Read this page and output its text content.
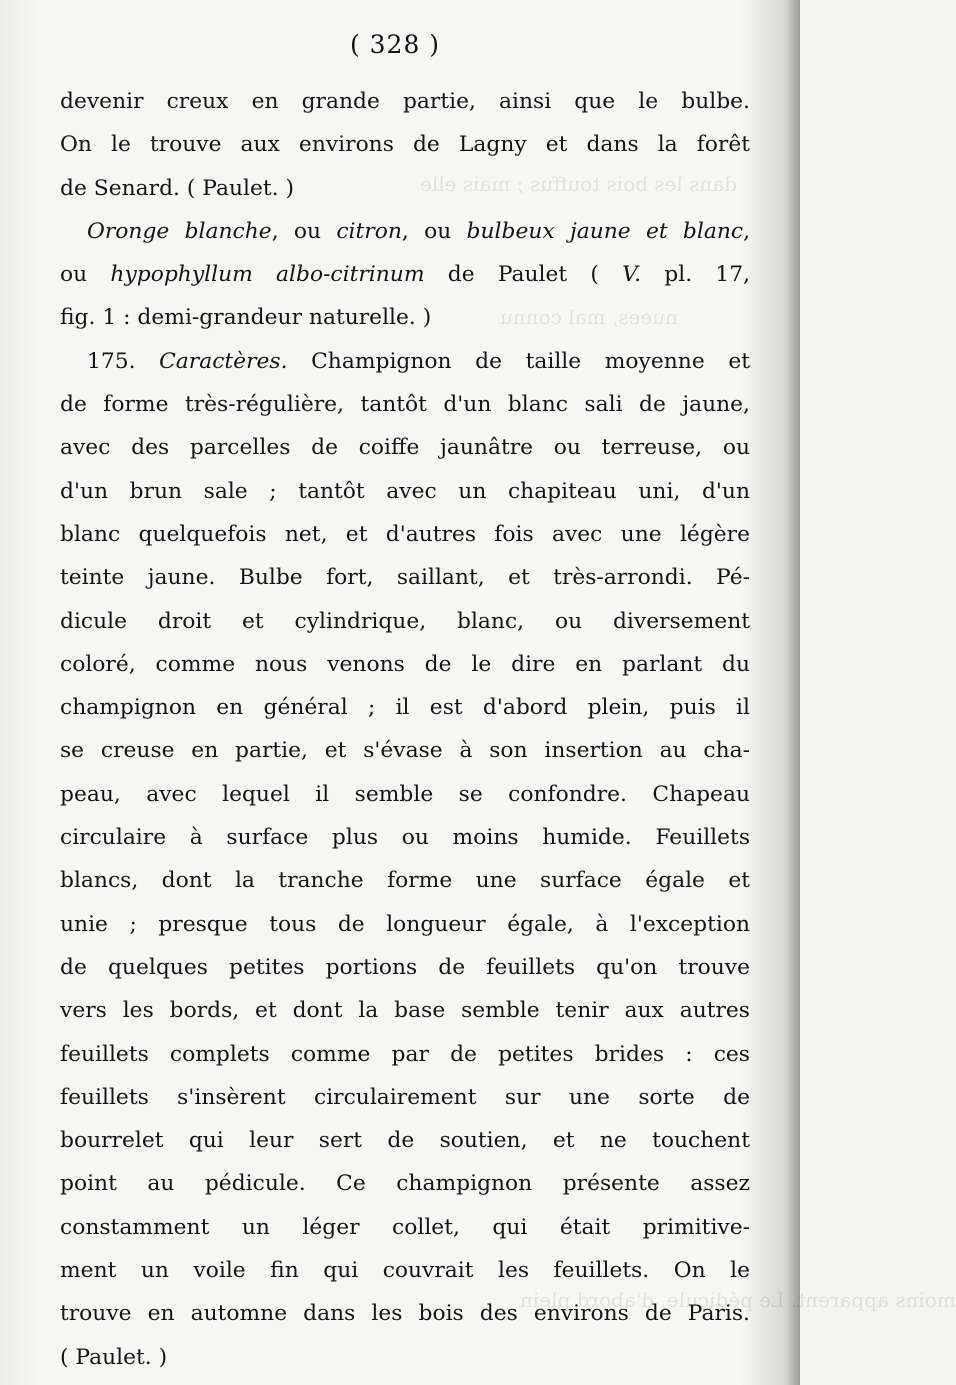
dans les bois touffus ; mais elle
nuees, mal connu
moins apparent. Le pédicule, d'abord plein
( 328 )
devenir creux en grande partie, ainsi que le bulbe.
On le trouve aux environs de Lagny et dans la forêt
de Senard. ( Paulet. )
Oronge blanche, ou citron, ou bulbeux jaune et blanc,
ou hypophyllum albo-citrinum de Paulet ( V. pl. 17,
fig. 1 : demi-grandeur naturelle. )
175. Caractères. Champignon de taille moyenne et
de forme très-régulière, tantôt d'un blanc sali de jaune,
avec des parcelles de coiffe jaunâtre ou terreuse, ou
d'un brun sale ; tantôt avec un chapiteau uni, d'un
blanc quelquefois net, et d'autres fois avec une légère
teinte jaune. Bulbe fort, saillant, et très-arrondi. Pé-
dicule droit et cylindrique, blanc, ou diversement
coloré, comme nous venons de le dire en parlant du
champignon en général ; il est d'abord plein, puis il
se creuse en partie, et s'évase à son insertion au cha-
peau, avec lequel il semble se confondre. Chapeau
circulaire à surface plus ou moins humide. Feuillets
blancs, dont la tranche forme une surface égale et
unie ; presque tous de longueur égale, à l'exception
de quelques petites portions de feuillets qu'on trouve
vers les bords, et dont la base semble tenir aux autres
feuillets complets comme par de petites brides : ces
feuillets s'insèrent circulairement sur une sorte de
bourrelet qui leur sert de soutien, et ne touchent
point au pédicule. Ce champignon présente assez
constamment un léger collet, qui était primitive-
ment un voile fin qui couvrait les feuillets. On le
trouve en automne dans les bois des environs de Paris.
( Paulet. )
